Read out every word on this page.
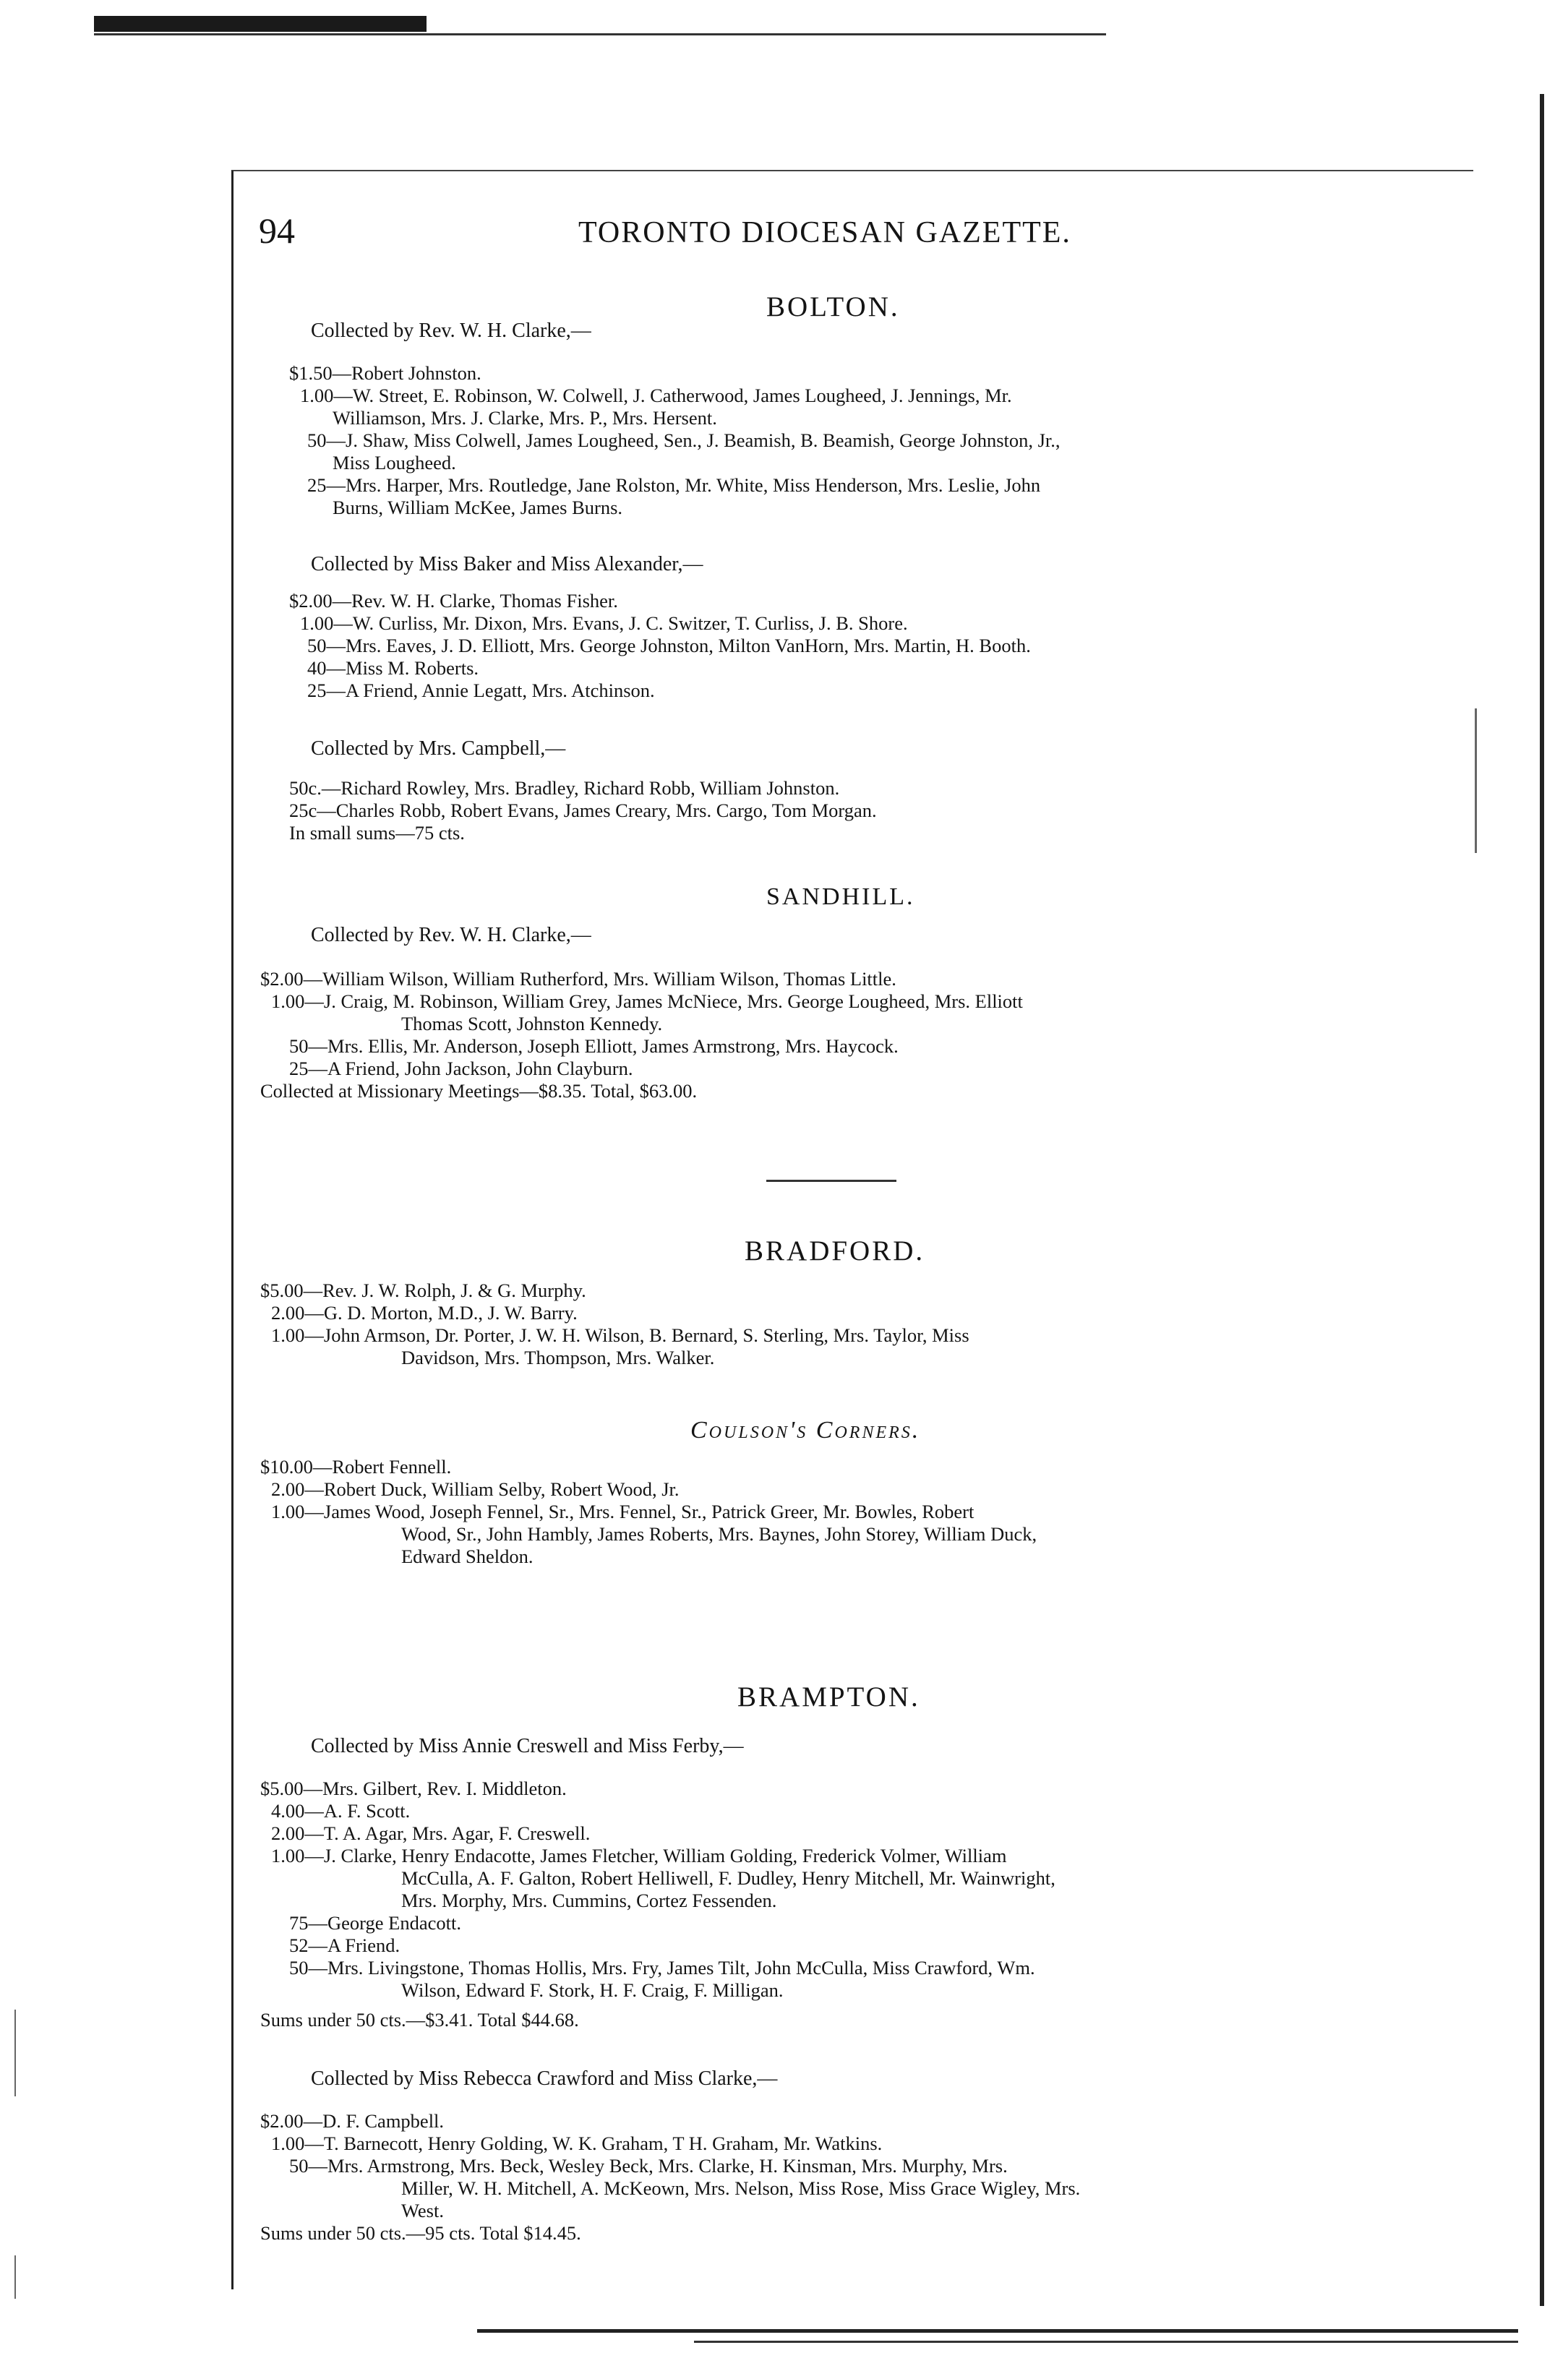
94	TORONTO DIOCESAN GAZETTE.
BOLTON.
Collected by Rev. W. H. Clarke,—
$1.50—Robert Johnston.
1.00—W. Street, E. Robinson, W. Colwell, J. Catherwood, James Lougheed, J. Jennings, Mr.
Williamson, Mrs. J. Clarke, Mrs. P., Mrs. Hersent.
50—J. Shaw, Miss Colwell, James Lougheed, Sen., J. Beamish, B. Beamish, George Johnston, Jr.,
Miss Lougheed.
25—Mrs. Harper, Mrs. Routledge, Jane Rolston, Mr. White, Miss Henderson, Mrs. Leslie, John
Burns, William McKee, James Burns.
Collected by Miss Baker and Miss Alexander,—
$2.00—Rev. W. H. Clarke, Thomas Fisher.
1.00—W. Curliss, Mr. Dixon, Mrs. Evans, J. C. Switzer, T. Curliss, J. B. Shore.
50—Mrs. Eaves, J. D. Elliott, Mrs. George Johnston, Milton VanHorn, Mrs. Martin, H. Booth.
40—Miss M. Roberts.
25—A Friend, Annie Legatt, Mrs. Atchinson.
Collected by Mrs. Campbell,—
50c.—Richard Rowley, Mrs. Bradley, Richard Robb, William Johnston.
25c—Charles Robb, Robert Evans, James Creary, Mrs. Cargo, Tom Morgan.
In small sums—75 cts.
SANDHILL.
Collected by Rev. W. H. Clarke,—
$2.00—William Wilson, William Rutherford, Mrs. William Wilson, Thomas Little.
1.00—J. Craig, M. Robinson, William Grey, James McNiece, Mrs. George Lougheed, Mrs. Elliott
Thomas Scott, Johnston Kennedy.
50—Mrs. Ellis, Mr. Anderson, Joseph Elliott, James Armstrong, Mrs. Haycock.
25—A Friend, John Jackson, John Clayburn.
Collected at Missionary Meetings—$8.35. Total, $63.00.
BRADFORD.
$5.00—Rev. J. W. Rolph, J. & G. Murphy.
2.00—G. D. Morton, M.D., J. W. Barry.
1.00—John Armson, Dr. Porter, J. W. H. Wilson, B. Bernard, S. Sterling, Mrs. Taylor, Miss
Davidson, Mrs. Thompson, Mrs. Walker.
Coulson's Corners.
$10.00—Robert Fennell.
2.00—Robert Duck, William Selby, Robert Wood, Jr.
1.00—James Wood, Joseph Fennel, Sr., Mrs. Fennel, Sr., Patrick Greer, Mr. Bowles, Robert
Wood, Sr., John Hambly, James Roberts, Mrs. Baynes, John Storey, William Duck,
Edward Sheldon.
BRAMPTON.
Collected by Miss Annie Creswell and Miss Ferby,—
$5.00—Mrs. Gilbert, Rev. I. Middleton.
4.00—A. F. Scott.
2.00—T. A. Agar, Mrs. Agar, F. Creswell.
1.00—J. Clarke, Henry Endacotte, James Fletcher, William Golding, Frederick Volmer, William
McCulla, A. F. Galton, Robert Helliwell, F. Dudley, Henry Mitchell, Mr. Wainwright,
Mrs. Morphy, Mrs. Cummins, Cortez Fessenden.
75—George Endacott.
52—A Friend.
50—Mrs. Livingstone, Thomas Hollis, Mrs. Fry, James Tilt, John McCulla, Miss Crawford, Wm.
Wilson, Edward F. Stork, H. F. Craig, F. Milligan.
Sums under 50 cts.—$3.41. Total $44.68.
Collected by Miss Rebecca Crawford and Miss Clarke,—
$2.00—D. F. Campbell.
1.00—T. Barnecott, Henry Golding, W. K. Graham, T H. Graham, Mr. Watkins.
50—Mrs. Armstrong, Mrs. Beck, Wesley Beck, Mrs. Clarke, H. Kinsman, Mrs. Murphy, Mrs.
Miller, W. H. Mitchell, A. McKeown, Mrs. Nelson, Miss Rose, Miss Grace Wigley, Mrs.
West.
Sums under 50 cts.—95 cts. Total $14.45.
